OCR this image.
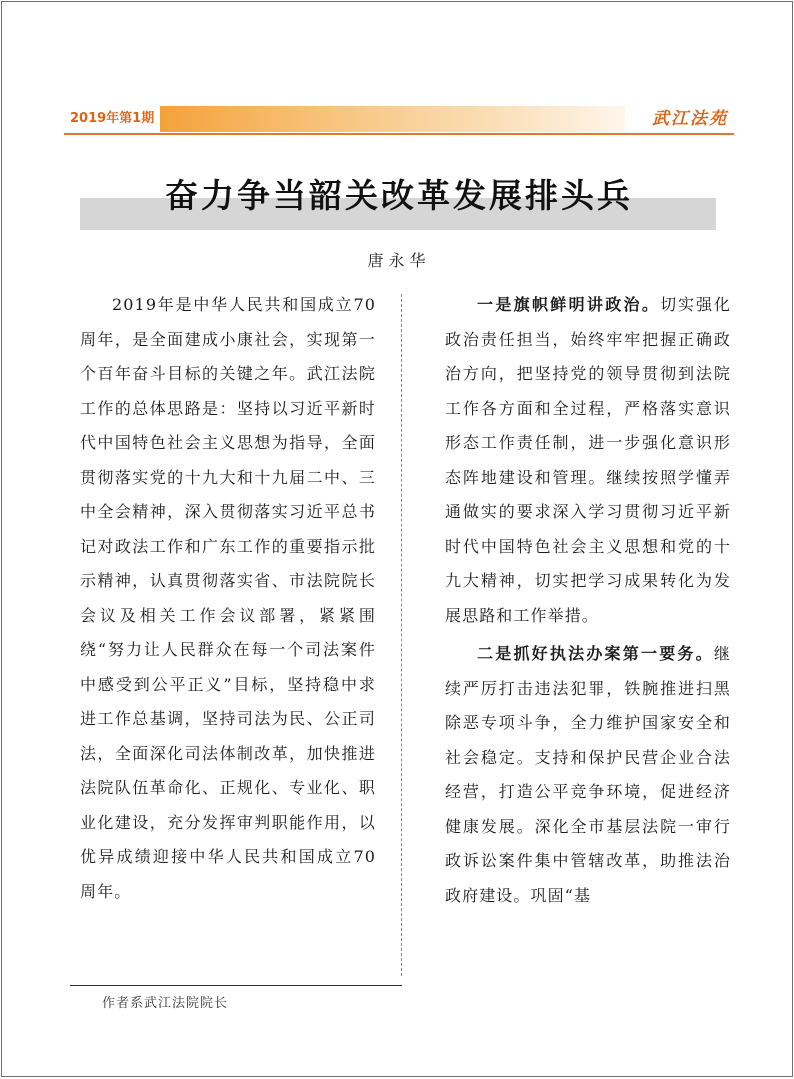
2019年第1期	武江法苑
奋力争当韶关改革发展排头兵
唐永华

2019年是中华人民共和国成立70周年，是全面建成小康社会，实现第一个百年奋斗目标的关键之年。武江法院工作的总体思路是：坚持以习近平新时代中国特色社会主义思想为指导，全面贯彻落实党的十九大和十九届二中、三中全会精神，深入贯彻落实习近平总书记对政法工作和广东工作的重要指示批示精神，认真贯彻落实省、市法院院长会议及相关工作会议部署，紧紧围绕“努力让人民群众在每一个司法案件中感受到公平正义”目标，坚持稳中求进工作总基调，坚持司法为民、公正司法，全面深化司法体制改革，加快推进法院队伍革命化、正规化、专业化、职业化建设，充分发挥审判职能作用，以优异成绩迎接中华人民共和国成立70周年。

一是旗帜鲜明讲政治。切实强化政治责任担当，始终牢牢把握正确政治方向，把坚持党的领导贯彻到法院工作各方面和全过程，严格落实意识形态工作责任制，进一步强化意识形态阵地建设和管理。继续按照学懂弄通做实的要求深入学习贯彻习近平新时代中国特色社会主义思想和党的十九大精神，切实把学习成果转化为发展思路和工作举措。

二是抓好执法办案第一要务。继续严厉打击违法犯罪，铁腕推进扫黑除恶专项斗争，全力维护国家安全和社会稳定。支持和保护民营企业合法经营，打造公平竞争环境，促进经济健康发展。深化全市基层法院一审行政诉讼案件集中管辖改革，助推法治政府建设。巩固“基

作者系武江法院院长
